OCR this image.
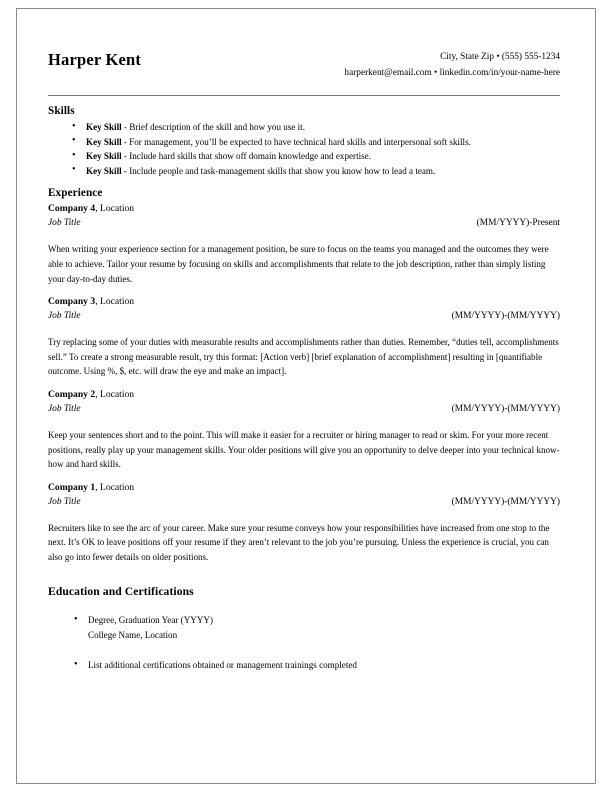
Harper Kent	City, State Zip • (555) 555-1234
harperkent@email.com • linkedin.com/in/your-name-here
Skills
• Key Skill - Brief description of the skill and how you use it.
• Key Skill - For management, you’ll be expected to have technical hard skills and interpersonal soft skills.
• Key Skill - Include hard skills that show off domain knowledge and expertise.
• Key Skill - Include people and task-management skills that show you know how to lead a team.
Experience
Company 4, Location
Job Title	(MM/YYYY)-Present

When writing your experience section for a management position, be sure to focus on the teams you managed and the outcomes they were able to achieve. Tailor your resume by focusing on skills and accomplishments that relate to the job description, rather than simply listing your day-to-day duties.

Company 3, Location
Job Title	(MM/YYYY)-(MM/YYYY)

Try replacing some of your duties with measurable results and accomplishments rather than duties. Remember, “duties tell, accomplishments sell.” To create a strong measurable result, try this format: [Action verb] [brief explanation of accomplishment] resulting in [quantifiable outcome. Using %, $, etc. will draw the eye and make an impact].

Company 2, Location
Job Title	(MM/YYYY)-(MM/YYYY)

Keep your sentences short and to the point. This will make it easier for a recruiter or hiring manager to read or skim. For your more recent positions, really play up your management skills. Your older positions will give you an opportunity to delve deeper into your technical know-how and hard skills.

Company 1, Location
Job Title	(MM/YYYY)-(MM/YYYY)

Recruiters like to see the arc of your career. Make sure your resume conveys how your responsibilities have increased from one stop to the next. It’s OK to leave positions off your resume if they aren’t relevant to the job you’re pursuing. Unless the experience is crucial, you can also go into fewer details on older positions.

Education and Certifications
• Degree, Graduation Year (YYYY)
College Name, Location
• List additional certifications obtained or management trainings completed
